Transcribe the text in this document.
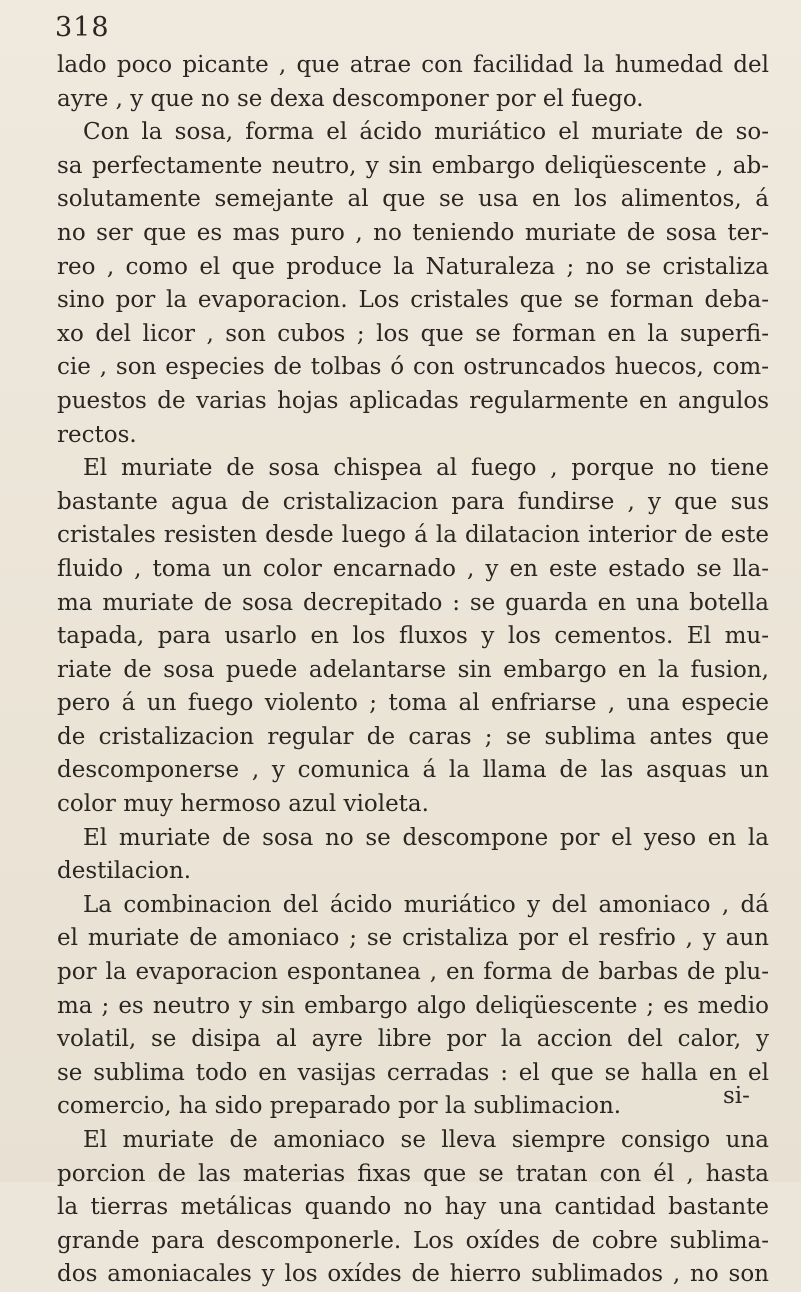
318
lado poco picante , que atrae con facilidad la humedad del
ayre , y que no se dexa descomponer por el fuego.
Con la sosa, forma el ácido muriático el muriate de so-
sa perfectamente neutro, y sin embargo deliqüescente , ab-
solutamente semejante al que se usa en los alimentos, á
no ser que es mas puro , no teniendo muriate de sosa ter-
reo , como el que produce la Naturaleza ; no se cristaliza
sino por la evaporacion. Los cristales que se forman deba-
xo del licor , son cubos ; los que se forman en la superfi-
cie , son especies de tolbas ó con ostruncados huecos, com-
puestos de varias hojas aplicadas regularmente en angulos
rectos.
El muriate de sosa chispea al fuego , porque no tiene
bastante agua de cristalizacion para fundirse , y que sus
cristales resisten desde luego á la dilatacion interior de este
fluido , toma un color encarnado , y en este estado se lla-
ma muriate de sosa decrepitado : se guarda en una botella
tapada, para usarlo en los fluxos y los cementos. El mu-
riate de sosa puede adelantarse sin embargo en la fusion,
pero á un fuego violento ; toma al enfriarse , una especie
de cristalizacion regular de caras ; se sublima antes que
descomponerse , y comunica á la llama de las asquas un
color muy hermoso azul violeta.
El muriate de sosa no se descompone por el yeso en la
destilacion.
La combinacion del ácido muriático y del amoniaco , dá
el muriate de amoniaco ; se cristaliza por el resfrio , y aun
por la evaporacion espontanea , en forma de barbas de plu-
ma ; es neutro y sin embargo algo deliqüescente ; es medio
volatil, se disipa al ayre libre por la accion del calor, y
se sublima todo en vasijas cerradas : el que se halla en el
comercio, ha sido preparado por la sublimacion.
El muriate de amoniaco se lleva siempre consigo una
porcion de las materias fixas que se tratan con él , hasta
la tierras metálicas quando no hay una cantidad bastante
grande para descomponerle. Los oxídes de cobre sublima-
dos amoniacales y los oxídes de hierro sublimados , no son
si-
